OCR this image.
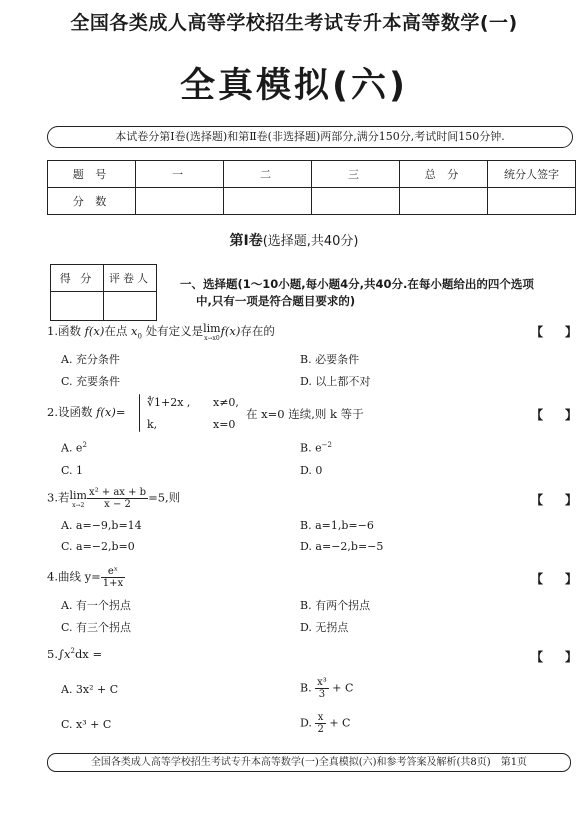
全国各类成人高等学校招生考试专升本高等数学(一)
全真模拟(六)
本试卷分第Ⅰ卷(选择题)和第Ⅱ卷(非选择题)两部分,满分150分,考试时间150分钟.
题 号	一	二	三	总 分	统分人签字
分 数					
第Ⅰ卷(选择题,共40分)
得 分	评卷人
		一、选择题(1～10小题,每小题4分,共40分.在每小题给出的四个选项
中,只有一项是符合题目要求的)
1.函数 f(x)在点 $x_0$ 处有定义是 lim
x→x0
f(x)存在的	【 】
A. 充分条件	B. 必要条件
C. 充要条件	D. 以上都不对
2.设函数 f(x)=
∜1+2x , x≠0,
k,	x=0
在 x=0 连续,则 k 等于	【 】
A. $e^2$	B. $e^{-2}$
C. 1	D. 0
3.若 lim
$x\to 2 \frac{\text{x² + ax + b}}{x - 2} =5$,则	【 】
A. a=−9,b=14	B. a=1,b=−6
C. a=−2,b=0	D. a=−2,b=−5
4.曲线 $y= \frac{\text{eˣ}}{1+x}$	【 】
A. 有一个拐点	B. 有两个拐点
C. 有三个拐点	D. 无拐点
$5.\int x^2dx$ =	【 】
A. 3x² + C	B. $\frac{\text{x³}}{3} + C$
C. x³ + C	D. $\frac{x}{2} + C$
全国各类成人高等学校招生考试专升本高等数学(一)全真模拟(六)和参考答案及解析(共8页)　第1页
